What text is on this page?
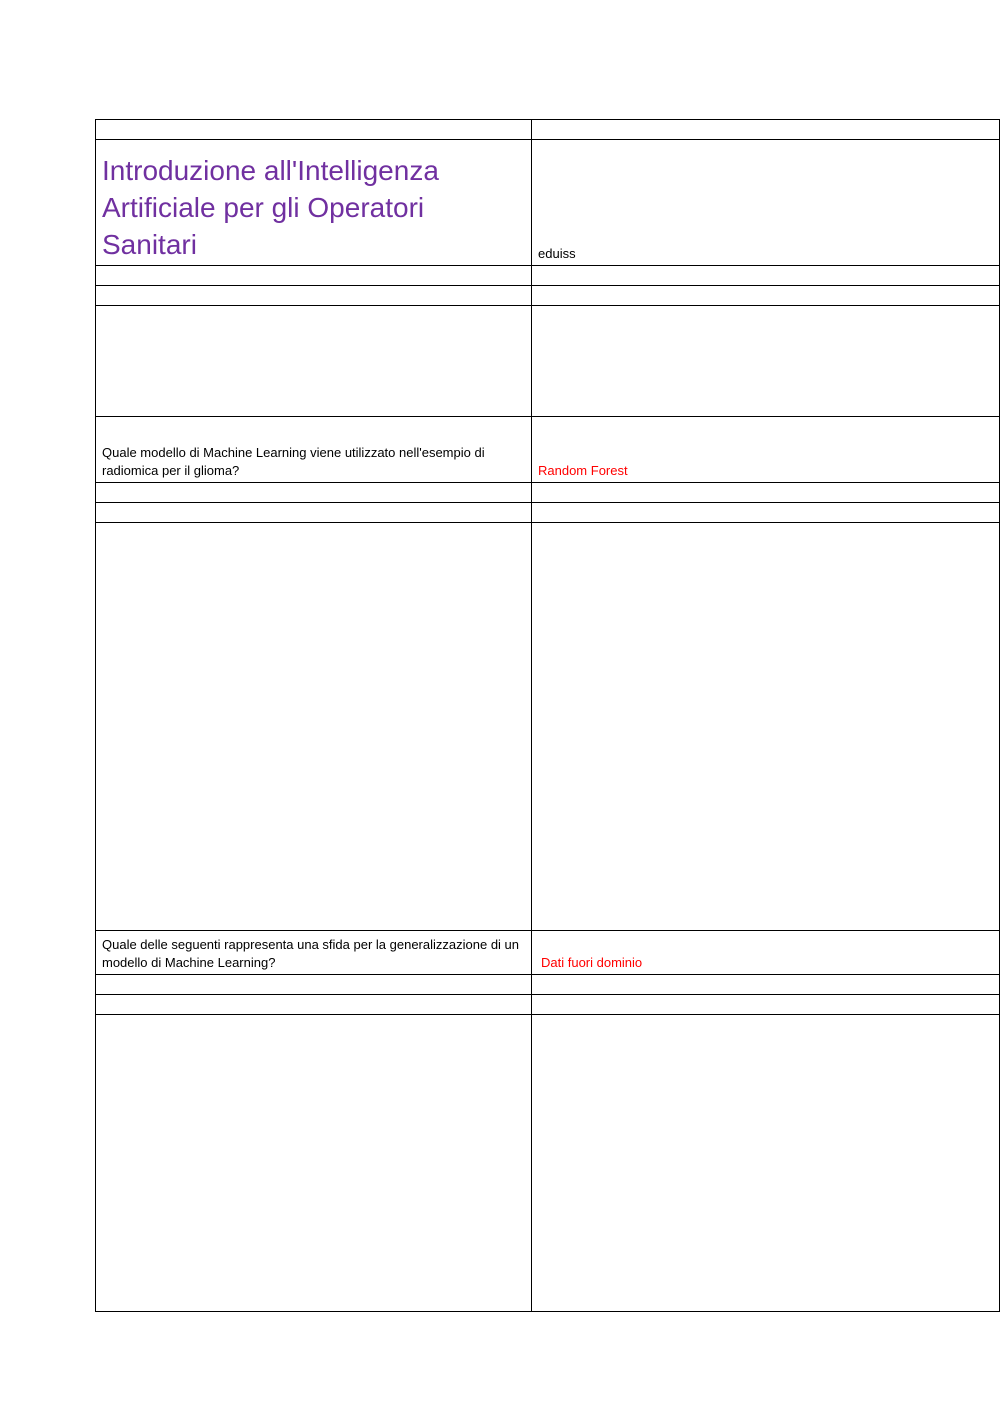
Introduzione all'Intelligenza Artificiale per gli Operatori Sanitari	eduiss

Quale modello di Machine Learning viene utilizzato nell'esempio di radiomica per il glioma?	Random Forest

Quale delle seguenti rappresenta una sfida per la generalizzazione di un modello di Machine Learning?	Dati fuori dominio
